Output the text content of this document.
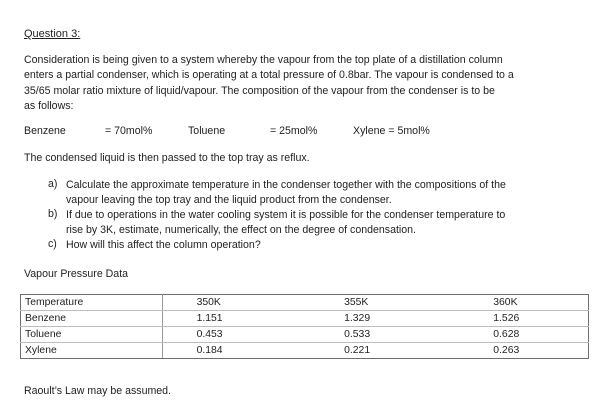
Question 3:
Consideration is being given to a system whereby the vapour from the top plate of a distillation column
enters a partial condenser, which is operating at a total pressure of 0.8bar. The vapour is condensed to a
35/65 molar ratio mixture of liquid/vapour. The composition of the vapour from the condenser is to be
as follows:
Benzene	= 70mol%	Toluene	= 25mol%	Xylene = 5mol%
The condensed liquid is then passed to the top tray as reflux.
a) Calculate the approximate temperature in the condenser together with the compositions of the
vapour leaving the top tray and the liquid product from the condenser.
b) If due to operations in the water cooling system it is possible for the condenser temperature to
rise by 3K, estimate, numerically, the effect on the degree of condensation.
c) How will this affect the column operation?
Vapour Pressure Data
Temperature	350K	355K	360K
Benzene	1.151	1.329	1.526
Toluene	0.453	0.533	0.628
Xylene	0.184	0.221	0.263
Raoult’s Law may be assumed.
